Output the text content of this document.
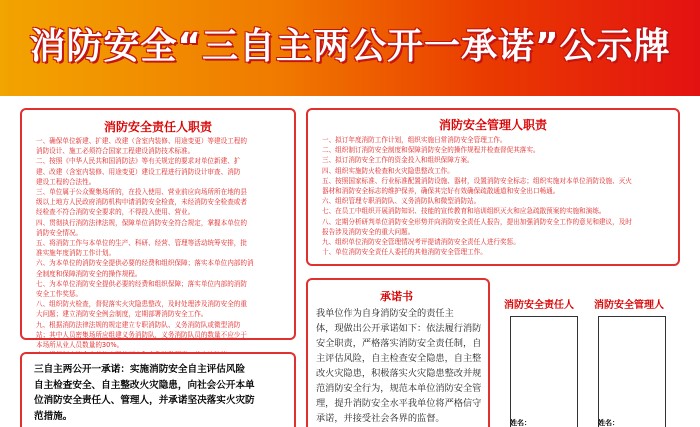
消防安全“三自主两公开一承诺”公示牌
消防安全责任人职责
一、确保单位新建、扩建、改建（含室内装修、用途变更）等建设工程的
消防设计、施工必须符合国家工程建设消防技术标准。
二、按照《中华人民共和国消防法》等有关规定的要求对单位新建、扩
建、改建（含室内装修、用途变更）建设工程进行消防设计审查、消防
建设工程的合法性。
三、单位属于公众聚集场所的，在投入使用、营业前应向场所所在地的县
级以上地方人民政府消防机构申请消防安全检查，未经消防安全检查或者
经检查不符合消防安全要求的，不得投入使用、营业。
四、贯彻执行消防法律法规，保障单位消防安全符合规定，掌握本单位的
消防安全情况。
五、将消防工作与本单位的生产、科研、经营、管理等活动统筹安排，批
准实施年度消防工作计划。
六、为本单位的消防安全提供必要的经费和组织保障；落实本单位内部的消
全制度和保障消防安全的操作规程。
七、为本单位消防安全提供必要的经费和组织保障；落实单位内部的消防
安全工作奖惩。
八、组织防火检查，督促落实火灾隐患整改，及时处理涉及消防安全的重
大问题；建立消防安全例会制度，定期部署消防安全工作。
九、根据消防法律法规的规定建立专职消防队、义务消防队或微型消防
站；其中人员密集场所应组建义务消防队，义务消防队员的数量不应少于
本场所从业人员数量的30%。
三自主两公开一承诺：实施消防安全自主评估风险
自主检查安全、自主整改火灾隐患，向社会公开本单
位消防安全责任人、管理人，并承诺坚决落实火灾防
范措施。
消防安全管理人职责
一、拟订年度消防工作计划，组织实施日常消防安全管理工作。
二、组织制订消防安全制度和保障消防安全的操作规程并检查督促其落实。
三、拟订消防安全工作的资金投入和组织保障方案。
四、组织实施防火检查和火灾隐患整改工作。
五、按照国家标准、行业标准配置消防设施、器材，设置消防安全标志；组织实施对本单位消防设施、灭火
器材和消防安全标志的维护保养，确保其完好有效确保疏散通道和安全出口畅通。
六、组织管理专职消防队、义务消防队和微型消防站。
七、在员工中组织开展消防知识、技能的宣传教育和培训组织灭火和应急疏散预案的实施和演练。
八、定期分析研判单位消防安全形势并向消防安全责任人报告，提出加强消防安全工作的意见和建议，及时
报告涉及消防安全的重大问题。
九、组织单位消防安全管理情况考评提请消防安全责任人进行奖惩。
十、单位消防安全责任人委托的其他消防安全管理工作。
承诺书
我单位作为自身消防安全的责任主
体，现做出公开承诺如下：依法履行消防
安全职责，严格落实消防安全责任制，自
主评估风险，自主检查安全隐患，自主整
改火灾隐患，积极落实火灾隐患整改并规
范消防安全行为，规范本单位消防安全管
理，提升消防安全水平我单位将严格信守
承诺，并接受社会各界的监督。
消防安全责任人 消防安全管理人
姓名：	姓名：
